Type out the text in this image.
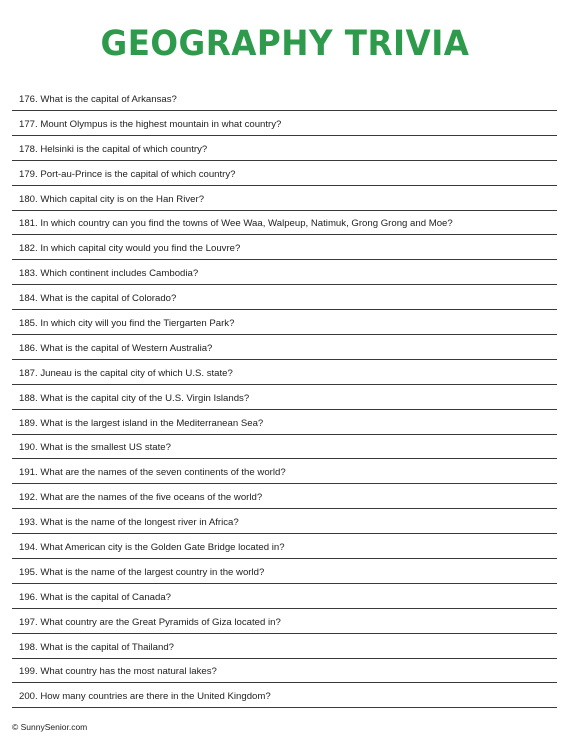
GEOGRAPHY TRIVIA
176. What is the capital of Arkansas?
177. Mount Olympus is the highest mountain in what country?
178. Helsinki is the capital of which country?
179. Port-au-Prince is the capital of which country?
180. Which capital city is on the Han River?
181. In which country can you find the towns of Wee Waa, Walpeup, Natimuk, Grong Grong and Moe?
182. In which capital city would you find the Louvre?
183. Which continent includes Cambodia?
184. What is the capital of Colorado?
185. In which city will you find the Tiergarten Park?
186. What is the capital of Western Australia?
187. Juneau is the capital city of which U.S. state?
188. What is the capital city of the U.S. Virgin Islands?
189. What is the largest island in the Mediterranean Sea?
190. What is the smallest US state?
191. What are the names of the seven continents of the world?
192. What are the names of the five oceans of the world?
193. What is the name of the longest river in Africa?
194. What American city is the Golden Gate Bridge located in?
195. What is the name of the largest country in the world?
196. What is the capital of Canada?
197. What country are the Great Pyramids of Giza located in?
198. What is the capital of Thailand?
199. What country has the most natural lakes?
200. How many countries are there in the United Kingdom?
© SunnySenior.com
